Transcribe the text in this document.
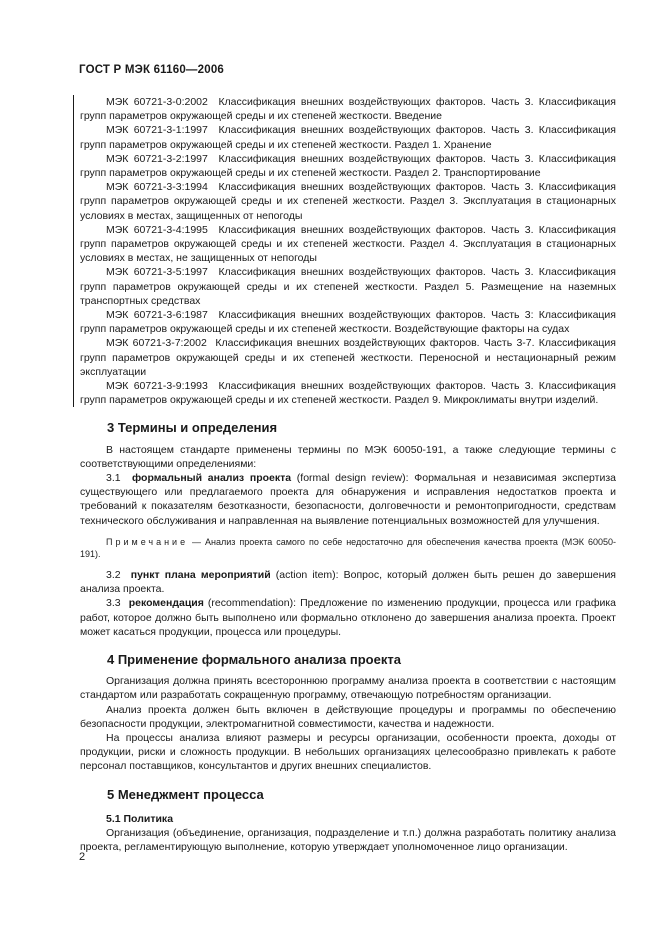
ГОСТ Р МЭК 61160—2006

МЭК 60721-3-0:2002 Классификация внешних воздействующих факторов. Часть 3. Классификация групп параметров окружающей среды и их степеней жесткости. Введение

МЭК 60721-3-1:1997 Классификация внешних воздействующих факторов. Часть 3. Классификация групп параметров окружающей среды и их степеней жесткости. Раздел 1. Хранение

МЭК 60721-3-2:1997 Классификация внешних воздействующих факторов. Часть 3. Классификация групп параметров окружающей среды и их степеней жесткости. Раздел 2. Транспортирование

МЭК 60721-3-3:1994 Классификация внешних воздействующих факторов. Часть 3. Классификация групп параметров окружающей среды и их степеней жесткости. Раздел 3. Эксплуатация в стационарных условиях в местах, защищенных от непогоды

МЭК 60721-3-4:1995 Классификация внешних воздействующих факторов. Часть 3. Классификация групп параметров окружающей среды и их степеней жесткости. Раздел 4. Эксплуатация в стационарных условиях в местах, не защищенных от непогоды

МЭК 60721-3-5:1997 Классификация внешних воздействующих факторов. Часть 3. Классификация групп параметров окружающей среды и их степеней жесткости. Раздел 5. Размещение на наземных транспортных средствах

МЭК 60721-3-6:1987 Классификация внешних воздействующих факторов. Часть 3: Классификация групп параметров окружающей среды и их степеней жесткости. Воздействующие факторы на судах

МЭК 60721-3-7:2002 Классификация внешних воздействующих факторов. Часть 3-7. Классификация групп параметров окружающей среды и их степеней жесткости. Переносной и нестационарный режим эксплуатации

МЭК 60721-3-9:1993 Классификация внешних воздействующих факторов. Часть 3. Классификация групп параметров окружающей среды и их степеней жесткости. Раздел 9. Микроклиматы внутри изделий.

3 Термины и определения

В настоящем стандарте применены термины по МЭК 60050-191, а также следующие термины с соответствующими определениями:

3.1 формальный анализ проекта (formal design review): Формальная и независимая экспертиза существующего или предлагаемого проекта для обнаружения и исправления недостатков проекта и требований к показателям безотказности, безопасности, долговечности и ремонтопригодности, средствам технического обслуживания и направленная на выявление потенциальных возможностей для улучшения.

Примечание — Анализ проекта самого по себе недостаточно для обеспечения качества проекта (МЭК 60050-191).

3.2 пункт плана мероприятий (action item): Вопрос, который должен быть решен до завершения анализа проекта.

3.3 рекомендация (recommendation): Предложение по изменению продукции, процесса или графика работ, которое должно быть выполнено или формально отклонено до завершения анализа проекта. Проект может касаться продукции, процесса или процедуры.

4 Применение формального анализа проекта

Организация должна принять всестороннюю программу анализа проекта в соответствии с настоящим стандартом или разработать сокращенную программу, отвечающую потребностям организации.

Анализ проекта должен быть включен в действующие процедуры и программы по обеспечению безопасности продукции, электромагнитной совместимости, качества и надежности.

На процессы анализа влияют размеры и ресурсы организации, особенности проекта, доходы от продукции, риски и сложность продукции. В небольших организациях целесообразно привлекать к работе персонал поставщиков, консультантов и других внешних специалистов.

5 Менеджмент процесса

5.1 Политика

Организация (объединение, организация, подразделение и т.п.) должна разработать политику анализа проекта, регламентирующую выполнение, которую утверждает уполномоченное лицо организации.

2
